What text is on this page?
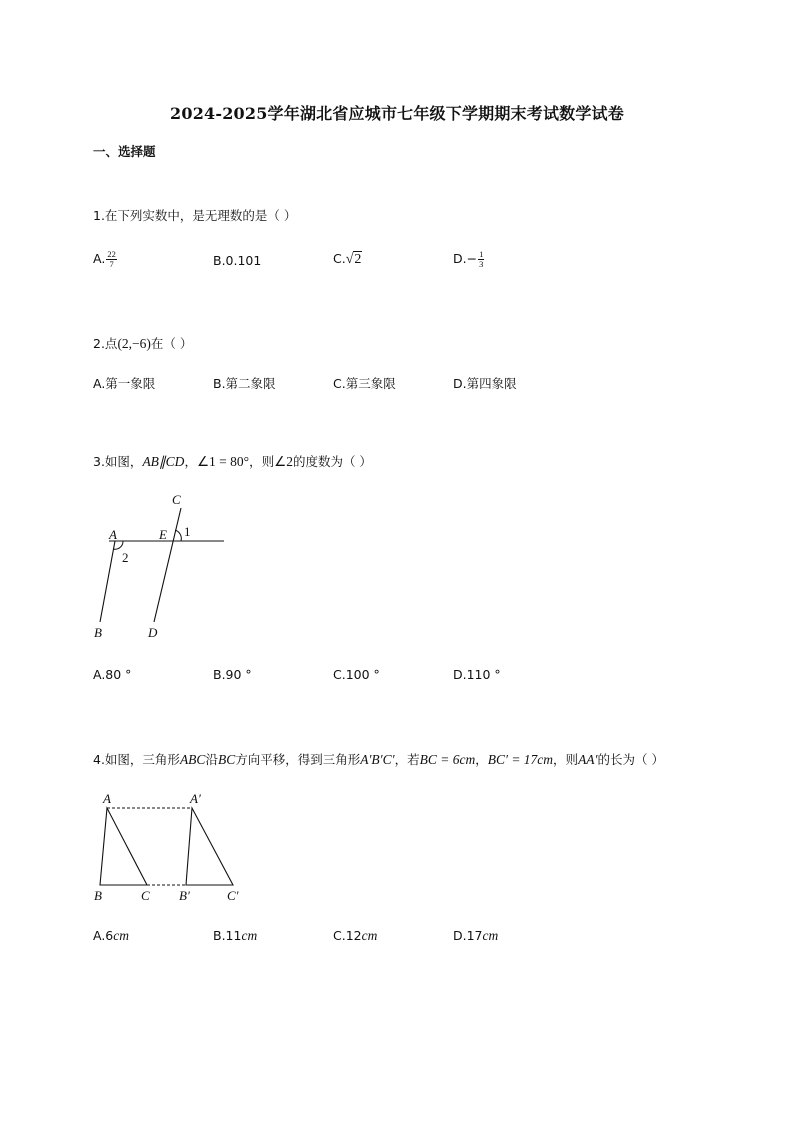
2024-2025学年湖北省应城市七年级下学期期末考试数学试卷
一、选择题
1.在下列实数中，是无理数的是（ ）
A. $\frac{22}{7}$	B.0.101	C.√2	$D.- \frac{1}{3}$
2.点(2,−6)在（ ）
A.第一象限	B.第二象限	C.第三象限	D.第四象限
3.如图，AB∥CD，∠1 = 80°，则∠2的度数为（ ）
C
A	E 1
2
B	D
A.80 °	B.90 °	C.100 °	D.110 °
4.如图，三角形ABC沿BC方向平移，得到三角形A′B′C′，若BC = 6cm，BC′ = 17cm，则AA′的长为（ ）
A	A′
B	C B′	C′
A.6cm	B.11cm	C.12cm	D.17cm
